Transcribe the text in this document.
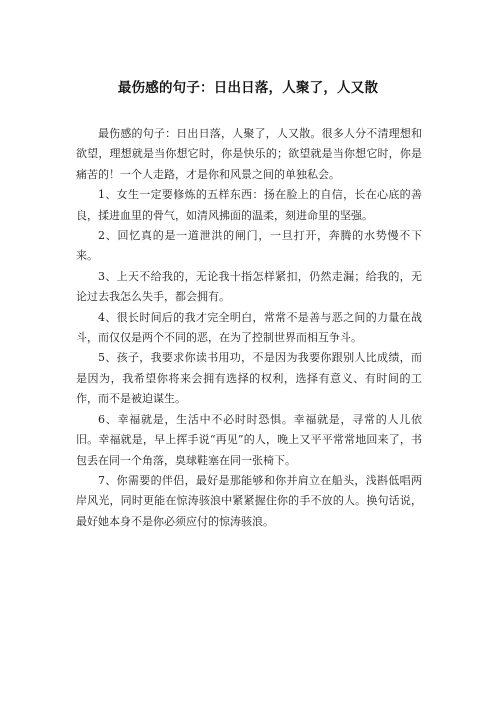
最伤感的句子：日出日落，人聚了，人又散

最伤感的句子：日出日落，人聚了，人又散。很多人分不清理想和欲望，理想就是当你想它时，你是快乐的；欲望就是当你想它时，你是痛苦的！一个人走路，才是你和风景之间的单独私会。

1、女生一定要修炼的五样东西：扬在脸上的自信，长在心底的善良，揉进血里的骨气，如清风拂面的温柔，刻进命里的坚强。

2、回忆真的是一道泄洪的闸门，一旦打开，奔腾的水势慢不下来。

3、上天不给我的，无论我十指怎样紧扣，仍然走漏；给我的，无论过去我怎么失手，都会拥有。

4、很长时间后的我才完全明白，常常不是善与恶之间的力量在战斗，而仅仅是两个不同的恶，在为了控制世界而相互争斗。

5、孩子，我要求你读书用功，不是因为我要你跟别人比成绩，而是因为，我希望你将来会拥有选择的权利，选择有意义、有时间的工作，而不是被迫谋生。

6、幸福就是，生活中不必时时恐惧。幸福就是，寻常的人儿依旧。幸福就是，早上挥手说“再见”的人，晚上又平平常常地回来了，书包丢在同一个角落，臭球鞋塞在同一张椅下。

7、你需要的伴侣，最好是那能够和你并肩立在船头，浅斟低唱两岸风光，同时更能在惊涛骇浪中紧紧握住你的手不放的人。换句话说，最好她本身不是你必须应付的惊涛骇浪。
